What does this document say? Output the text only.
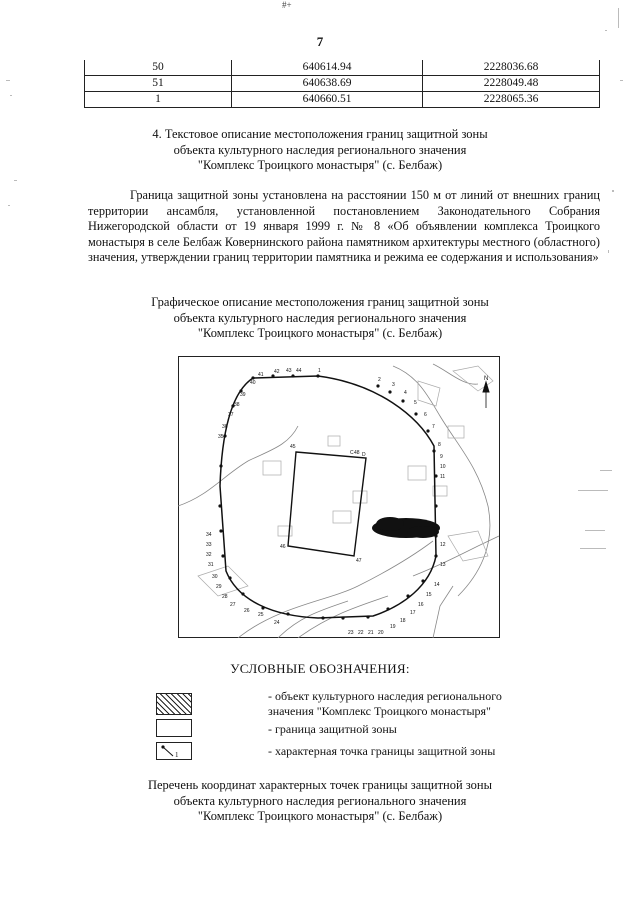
#+
7
50	640614.94	2228036.68
51	640638.69	2228049.48
1	640660.51	2228065.36
4. Текстовое описание местоположения границ защитной зоны
объекта культурного наследия регионального значения
"Комплекс Троицкого монастыря" (с. Белбаж)
Граница защитной зоны установлена на расстоянии 150 м от линий от внешних границ территории ансамбля, установленной постановлением Законодательного Собрания Нижегородской области от 19 января 1999 г. № 8 «Об объявлении комплекса Троицкого монастыря в селе Белбаж Ковернинского района памятником архитектуры местного (областного) значения, утверждении границ территории памятника и режима ее содержания и использования»
Графическое описание местоположения границ защитной зоны
объекта культурного наследия регионального значения
"Комплекс Троицкого монастыря" (с. Белбаж)
N
41 42 43 44	1
40
39
38
37
36
35
34
33
32
31
30
29
28
27
26
25
2
3
4
5
6
7
8
9
10
11
12
13
24
23 22 21 20
19
18
17
16
15
14
45
46
47
48
C D
УСЛОВНЫЕ ОБОЗНАЧЕНИЯ:
- объект культурного наследия регионального
значения "Комплекс Троицкого монастыря"
- граница защитной зоны
1	- характерная точка границы защитной зоны
Перечень координат характерных точек границы защитной зоны
объекта культурного наследия регионального значения
"Комплекс Троицкого монастыря" (с. Белбаж)
